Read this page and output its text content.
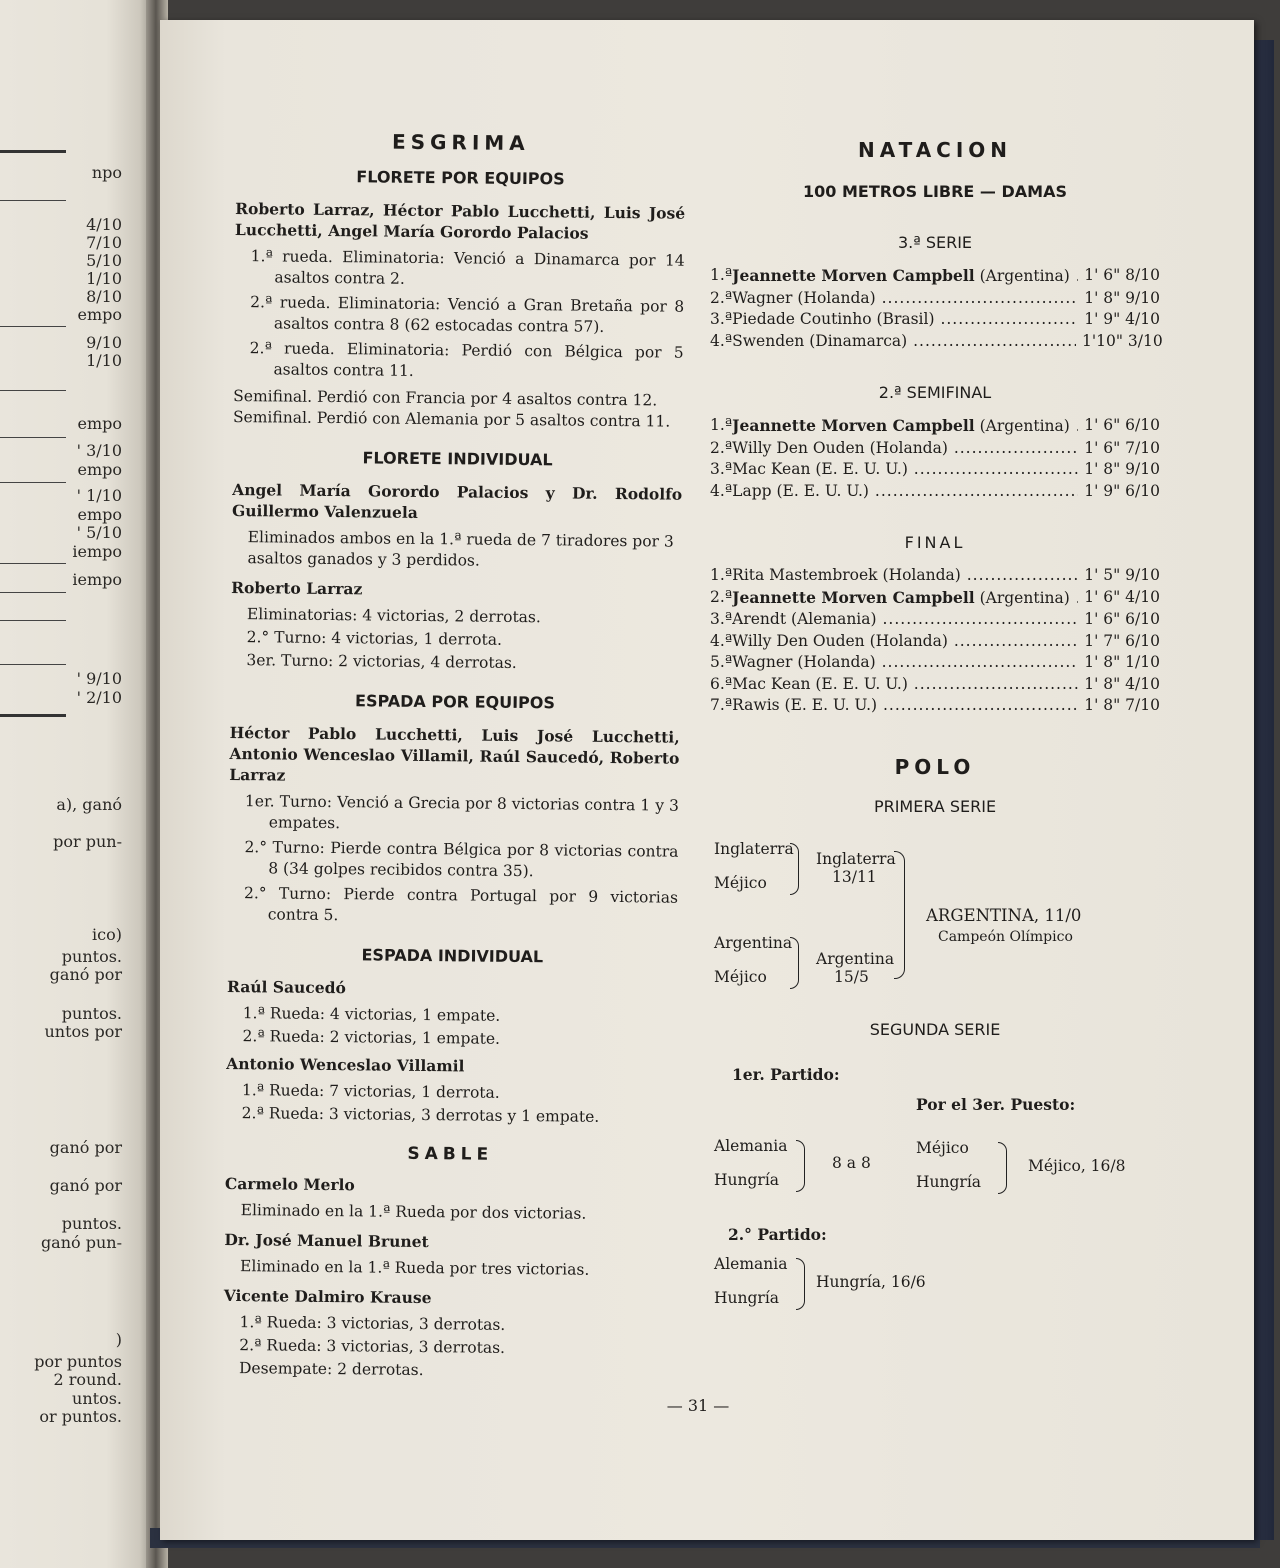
npo
4/10
7/10
5/10
1/10
8/10
empo
9/10
1/10
empo
' 3/10
empo
' 1/10
empo
' 5/10
iempo
iempo
' 9/10
' 2/10
a), ganó
por pun-
ico)
puntos.
ganó por
puntos.
untos por
ganó por
ganó por
puntos.
ganó pun-
)
por puntos
2 round.
untos.
or puntos.
ESGRIMA
FLORETE POR EQUIPOS
Roberto Larraz, Héctor Pablo Lucchetti, Luis José Lucchetti, Angel María Gorordo Palacios
1.ª rueda. Eliminatoria: Venció a Dinamarca por 14 asaltos contra 2.
2.ª rueda. Eliminatoria: Venció a Gran Bretaña por 8 asaltos contra 8 (62 estocadas contra 57).
2.ª rueda. Eliminatoria: Perdió con Bélgica por 5 asaltos contra 11.
Semifinal. Perdió con Francia por 4 asaltos contra 12.
Semifinal. Perdió con Alemania por 5 asaltos contra 11.
FLORETE INDIVIDUAL
Angel María Gorordo Palacios y Dr. Rodolfo Guillermo Valenzuela
Eliminados ambos en la 1.ª rueda de 7 tiradores por 3 asaltos ganados y 3 perdidos.
Roberto Larraz
Eliminatorias: 4 victorias, 2 derrotas.
2.° Turno: 4 victorias, 1 derrota.
3er. Turno: 2 victorias, 4 derrotas.
ESPADA POR EQUIPOS
Héctor Pablo Lucchetti, Luis José Lucchetti, Antonio Wenceslao Villamil, Raúl Saucedó, Roberto Larraz
1er. Turno: Venció a Grecia por 8 victorias contra 1 y 3 empates.
2.° Turno: Pierde contra Bélgica por 8 victorias contra 8 (34 golpes recibidos contra 35).
2.° Turno: Pierde contra Portugal por 9 victorias contra 5.
ESPADA INDIVIDUAL
Raúl Saucedó
1.ª Rueda: 4 victorias, 1 empate.
2.ª Rueda: 2 victorias, 1 empate.
Antonio Wenceslao Villamil
1.ª Rueda: 7 victorias, 1 derrota.
2.ª Rueda: 3 victorias, 3 derrotas y 1 empate.
SABLE
Carmelo Merlo
Eliminado en la 1.ª Rueda por dos victorias.
Dr. José Manuel Brunet
Eliminado en la 1.ª Rueda por tres victorias.
Vicente Dalmiro Krause
1.ª Rueda: 3 victorias, 3 derrotas.
2.ª Rueda: 3 victorias, 3 derrotas.
Desempate: 2 derrotas.
NATACION
100 METROS LIBRE — DAMAS
3.ª SERIE
1.ª Jeannette Morven Campbell (Argentina) ..... 1' 6" 8/10
2.ª Wagner (Holanda) .....	1' 8" 9/10
3.ª Piedade Coutinho (Brasil) .....	1' 9" 4/10
4.ª Swenden (Dinamarca) .....	1'10" 3/10
2.ª SEMIFINAL
1.ª Jeannette Morven Campbell (Argentina) ..... 1' 6" 6/10
2.ª Willy Den Ouden (Holanda) .....	1' 6" 7/10
3.ª Mac Kean (E. E. U. U.) .....	1' 8" 9/10
4.ª Lapp (E. E. U. U.) .....	1' 9" 6/10
FINAL
1.ª Rita Mastembroek (Holanda) .....	1' 5" 9/10
2.ª Jeannette Morven Campbell (Argentina) ..... 1' 6" 4/10
3.ª Arendt (Alemania) .....	1' 6" 6/10
4.ª Willy Den Ouden (Holanda) .....	1' 7" 6/10
5.ª Wagner (Holanda) .....	1' 8" 1/10
6.ª Mac Kean (E. E. U. U.) .....	1' 8" 4/10
7.ª Rawis (E. E. U. U.) .....	1' 8" 7/10
POLO
PRIMERA SERIE
Inglaterra
Méjico
Inglaterra
13/11
Argentina
Méjico
Argentina
15/5
ARGENTINA, 11/0
Campeón Olímpico
SEGUNDA SERIE
1er. Partido:
Por el 3er. Puesto:
Alemania
Hungría
8 a 8
Méjico
Hungría
Méjico, 16/8
2.° Partido:
Alemania
Hungría
Hungría, 16/6
— 31 —
